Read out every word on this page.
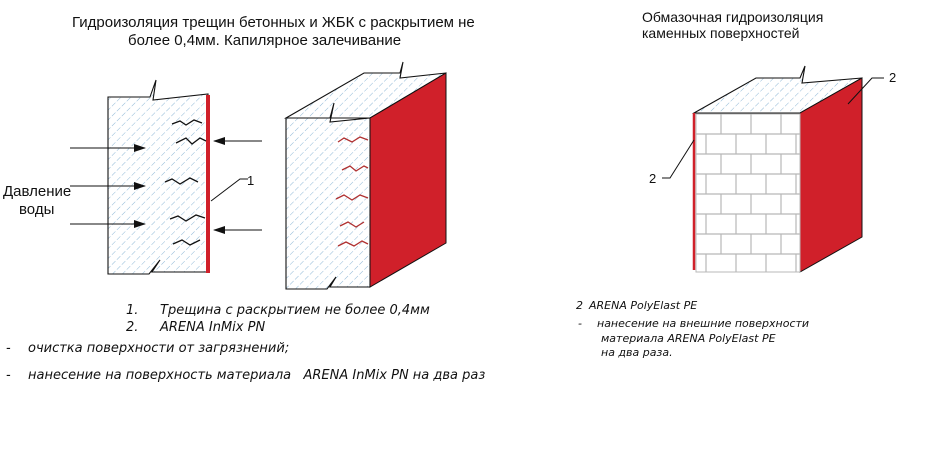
Гидроизоляция трещин бетонных и ЖБК с раскрытием не
более 0,4мм. Капилярное залечивание
Обмазочная гидроизоляция
каменных поверхностей
1
Давление
воды
2
2
1. Трещина с раскрытием не более 0,4мм
2. ARENA InMix PN
- очистка поверхности от загрязнений;
- нанесение на поверхность материала   ARENA InMix PN на два раз
2 ARENA PolyElast PE
- нанесение на внешние поверхности
материала ARENA PolyElast PE
на два раза.
